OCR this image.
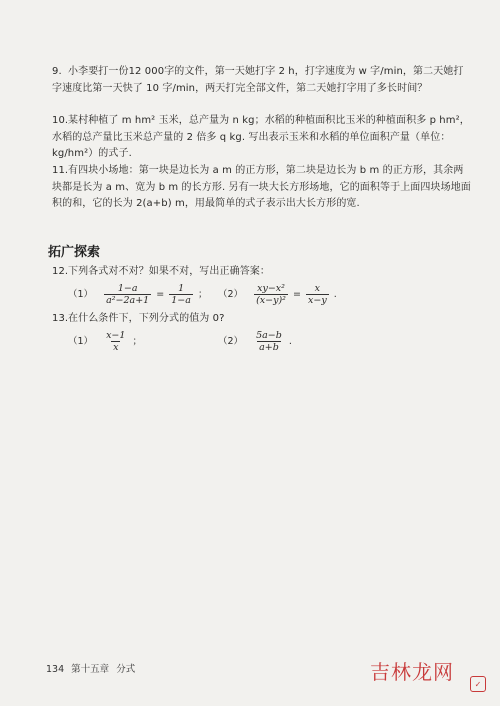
9. 小李要打一份12 000字的文件，第一天她打字 2 h，打字速度为 w 字/min，第二天她打字速度比第一天快了 10 字/min，两天打完全部文件，第二天她打字用了多长时间？
10.某村种植了 m hm² 玉米，总产量为 n kg；水稻的种植面积比玉米的种植面积多 p hm²，水稻的总产量比玉米总产量的 2 倍多 q kg. 写出表示玉米和水稻的单位面积产量（单位：kg/hm²）的式子.
11.有四块小场地：第一块是边长为 a m 的正方形，第二块是边长为 b m 的正方形，其余两块都是长为 a m、宽为 b m 的长方形. 另有一块大长方形场地，它的面积等于上面四块场地面积的和，它的长为 2(a+b) m，用最简单的式子表示出大长方形的宽.
拓广探索
12.下列各式对不对？如果不对，写出正确答案：
$(1) \frac{1-a}{\text{a²−2a+1}} = \frac{1}{1-a}$ ； $(2) \frac{\text{xy−x²}}{\text{(x−y)²}} = \frac{x}{x-y}$ .
13.在什么条件下，下列分式的值为 0?
$(1) \frac{x-1}{x}$ ；	$(2) \frac{5a-b}{a+b}$ .
134 第十五章 分式	吉林龙网	✓
